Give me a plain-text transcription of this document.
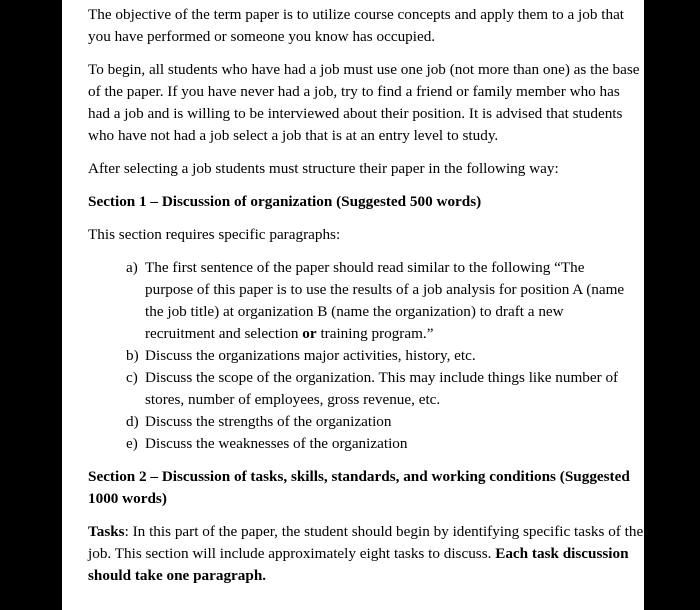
The objective of the term paper is to utilize course concepts and apply them to a job that you have performed or someone you know has occupied.

To begin, all students who have had a job must use one job (not more than one) as the base of the paper. If you have never had a job, try to find a friend or family member who has had a job and is willing to be interviewed about their position. It is advised that students who have not had a job select a job that is at an entry level to study.

After selecting a job students must structure their paper in the following way:

Section 1 – Discussion of organization (Suggested 500 words)

This section requires specific paragraphs:

a) The first sentence of the paper should read similar to the following “The purpose of this paper is to use the results of a job analysis for position A (name the job title) at organization B (name the organization) to draft a new recruitment and selection or training program.”
b) Discuss the organizations major activities, history, etc.
c) Discuss the scope of the organization. This may include things like number of stores, number of employees, gross revenue, etc.
d) Discuss the strengths of the organization
e) Discuss the weaknesses of the organization

Section 2 – Discussion of tasks, skills, standards, and working conditions (Suggested 1000 words)

Tasks: In this part of the paper, the student should begin by identifying specific tasks of the job. This section will include approximately eight tasks to discuss. Each task discussion should take one paragraph.
